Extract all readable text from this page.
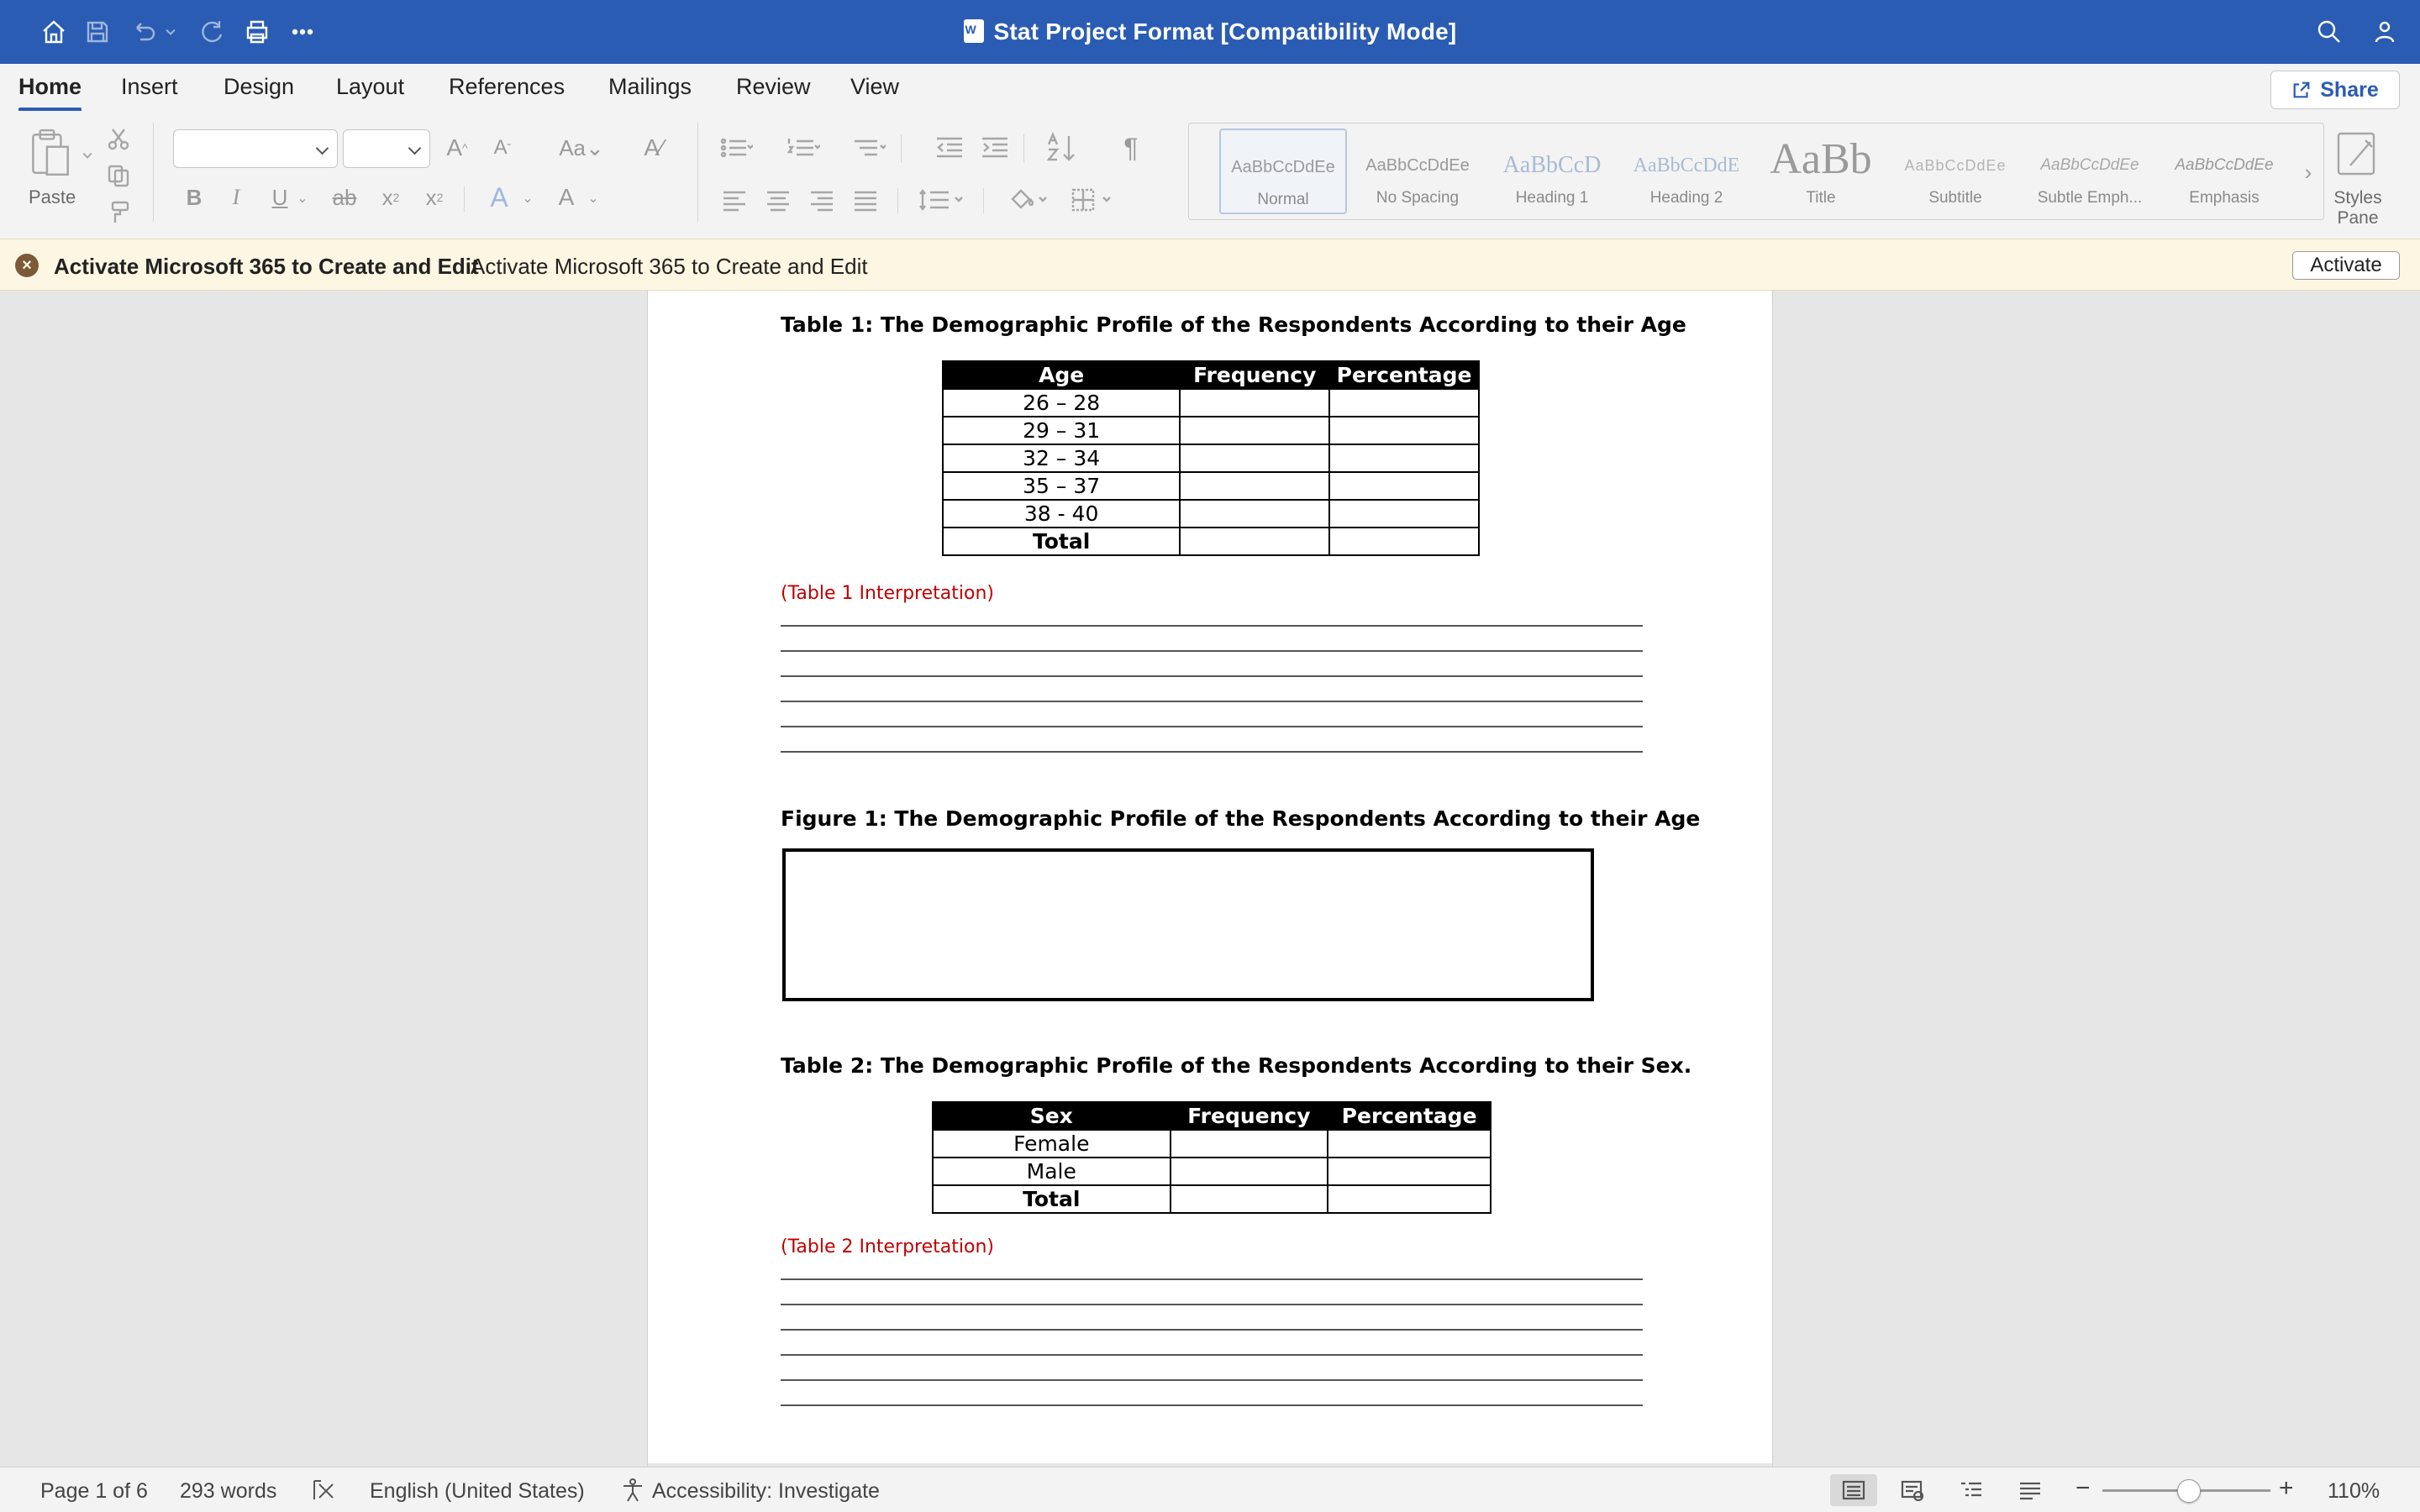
WStat Project Format [Compatibility Mode]
Home Insert Design Layout References Mailings Review View	Share
Paste
A ^	A ˇ	Aa⌄	A⁄
B	I	U ⌄ ab x 2 x 2 A	⌄	A ⌄
¶
AaBbCcDdEe
Normal
AaBbCcDdEe
No Spacing
AaBbCcD
Heading 1
AaBbCcDdE
Heading 2
AaBb
Title
AaBbCcDdEe
Subtitle
AaBbCcDdEe
Subtle Emph...
AaBbCcDdEe
Emphasis
›
Styles Pane
×	Activate Microsoft 365 to Create and Edit
Activate Microsoft 365 to Create and Edit	Activate
Table 1: The Demographic Profile of the Respondents According to their Age
Age	Frequency	Percentage
26 – 28		
29 – 31		
32 – 34		
35 – 37		
38 - 40		
Total		
(Table 1 Interpretation)
Figure 1: The Demographic Profile of the Respondents According to their Age
Table 2: The Demographic Profile of the Respondents According to their Sex.
Sex	Frequency	Percentage
Female		
Male		
Total		
(Table 2 Interpretation)
Page 1 of 6 293 words	English (United States)	Accessibility: Investigate	−	+ 110%
